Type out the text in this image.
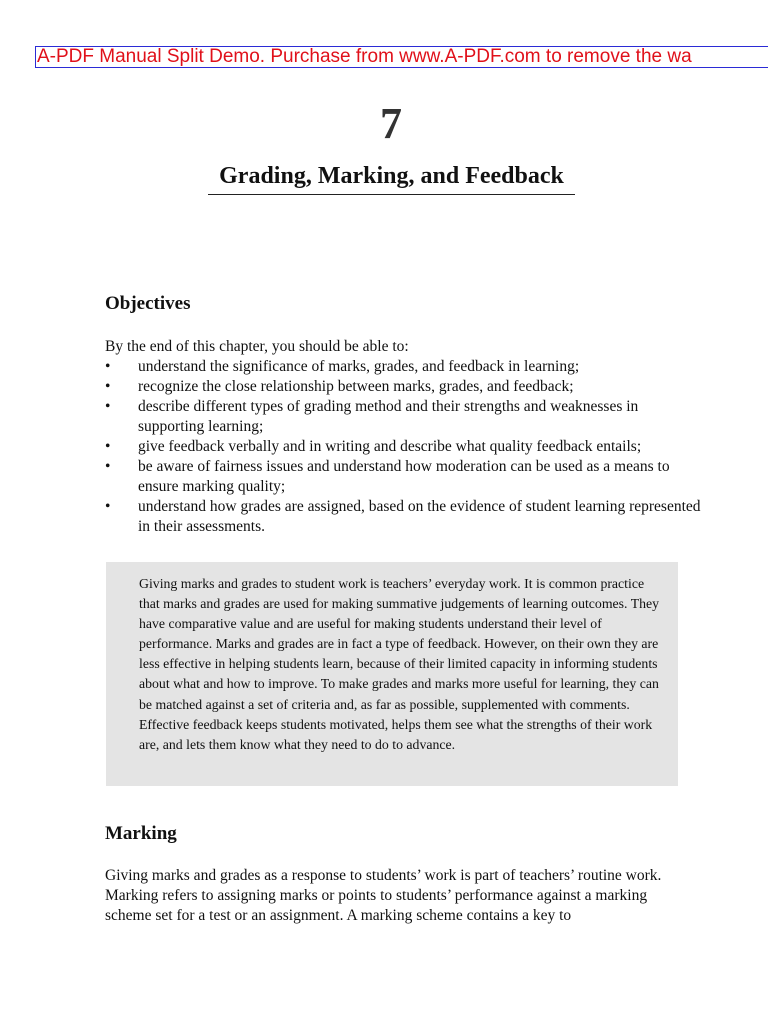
A-PDF Manual Split Demo. Purchase from www.A-PDF.com to remove the wa
7
Grading, Marking, and Feedback
Objectives
By the end of this chapter, you should be able to:
• understand the significance of marks, grades, and feedback in learning;
• recognize the close relationship between marks, grades, and feedback;
• describe different types of grading method and their strengths and weaknesses in supporting learning;
• give feedback verbally and in writing and describe what quality feedback entails;
• be aware of fairness issues and understand how moderation can be used as a means to ensure marking quality;
• understand how grades are assigned, based on the evidence of student learning represented in their assessments.
Giving marks and grades to student work is teachers’ everyday work. It is common practice that marks and grades are used for making summative judgements of learning outcomes. They have comparative value and are useful for making students understand their level of performance. Marks and grades are in fact a type of feedback. However, on their own they are less effective in helping students learn, because of their limited capacity in informing students about what and how to improve. To make grades and marks more useful for learning, they can be matched against a set of criteria and, as far as possible, supplemented with comments. Effective feedback keeps students motivated, helps them see what the strengths of their work are, and lets them know what they need to do to advance.
Marking
Giving marks and grades as a response to students’ work is part of teachers’ routine work. Marking refers to assigning marks or points to students’ performance against a marking scheme set for a test or an assignment. A marking scheme contains a key to
